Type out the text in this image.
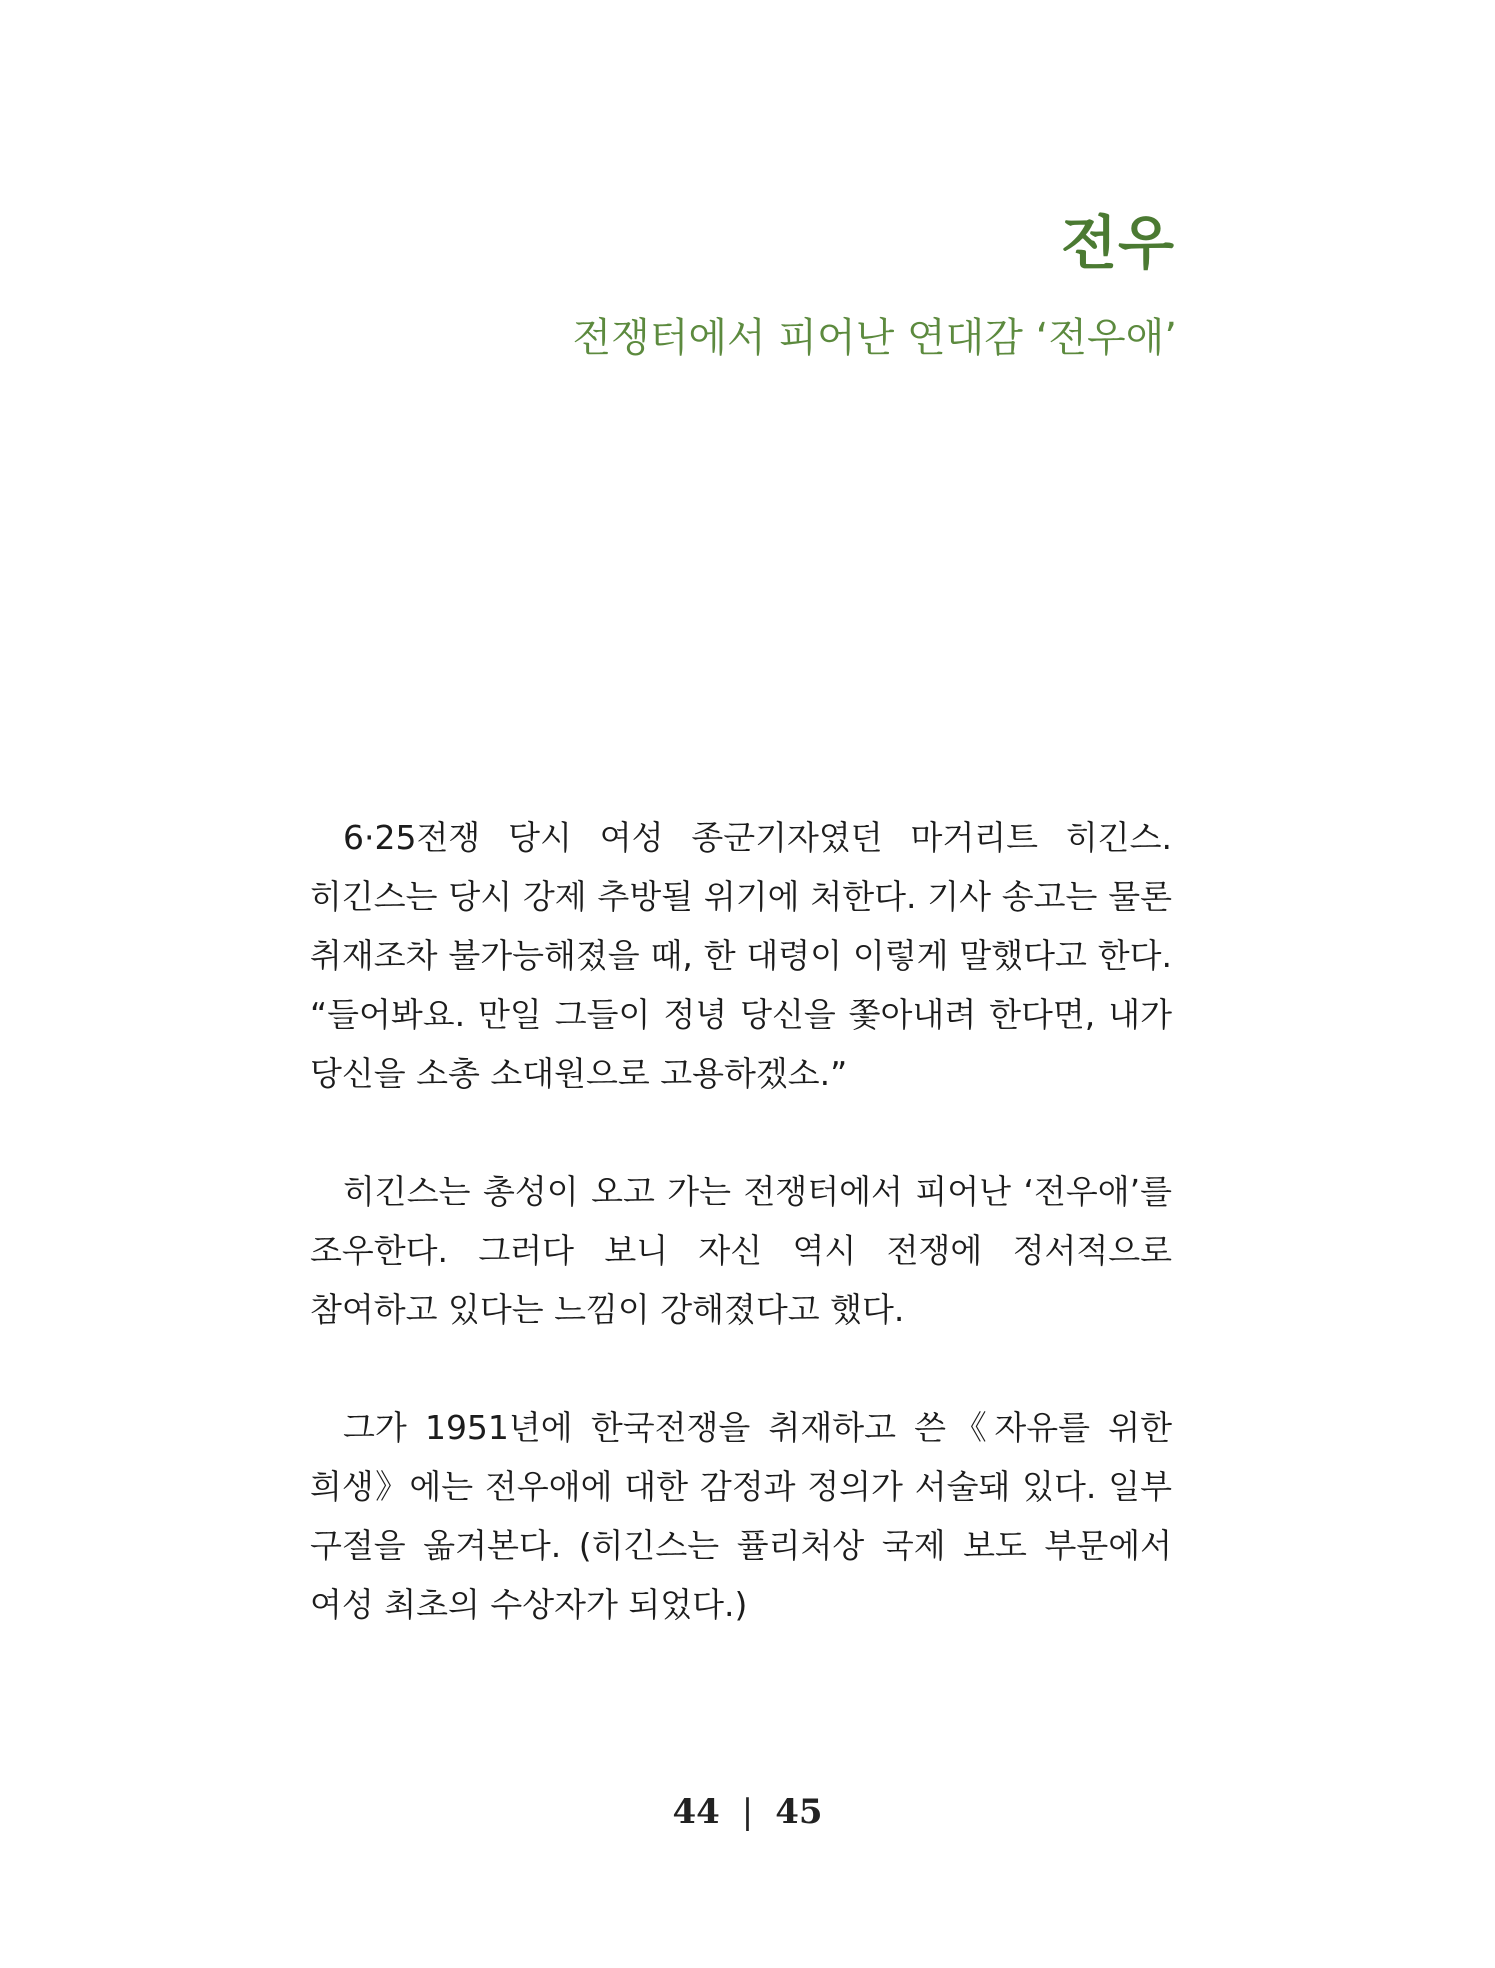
전우
전쟁터에서 피어난 연대감 ‘전우애’

6·25전쟁 당시 여성 종군기자였던 마거리트 히긴스. 히긴스는 당시 강제 추방될 위기에 처한다. 기사 송고는 물론 취재조차 불가능해졌을 때, 한 대령이 이렇게 말했다고 한다. “들어봐요. 만일 그들이 정녕 당신을 쫓아내려 한다면, 내가 당신을 소총 소대원으로 고용하겠소.”

히긴스는 총성이 오고 가는 전쟁터에서 피어난 ‘전우애’를 조우한다. 그러다 보니 자신 역시 전쟁에 정서적으로 참여하고 있다는 느낌이 강해졌다고 했다.

그가 1951년에 한국전쟁을 취재하고 쓴《자유를 위한 희생》에는 전우애에 대한 감정과 정의가 서술돼 있다. 일부 구절을 옮겨본다. (히긴스는 퓰리처상 국제 보도 부문에서 여성 최초의 수상자가 되었다.)

44 | 45
